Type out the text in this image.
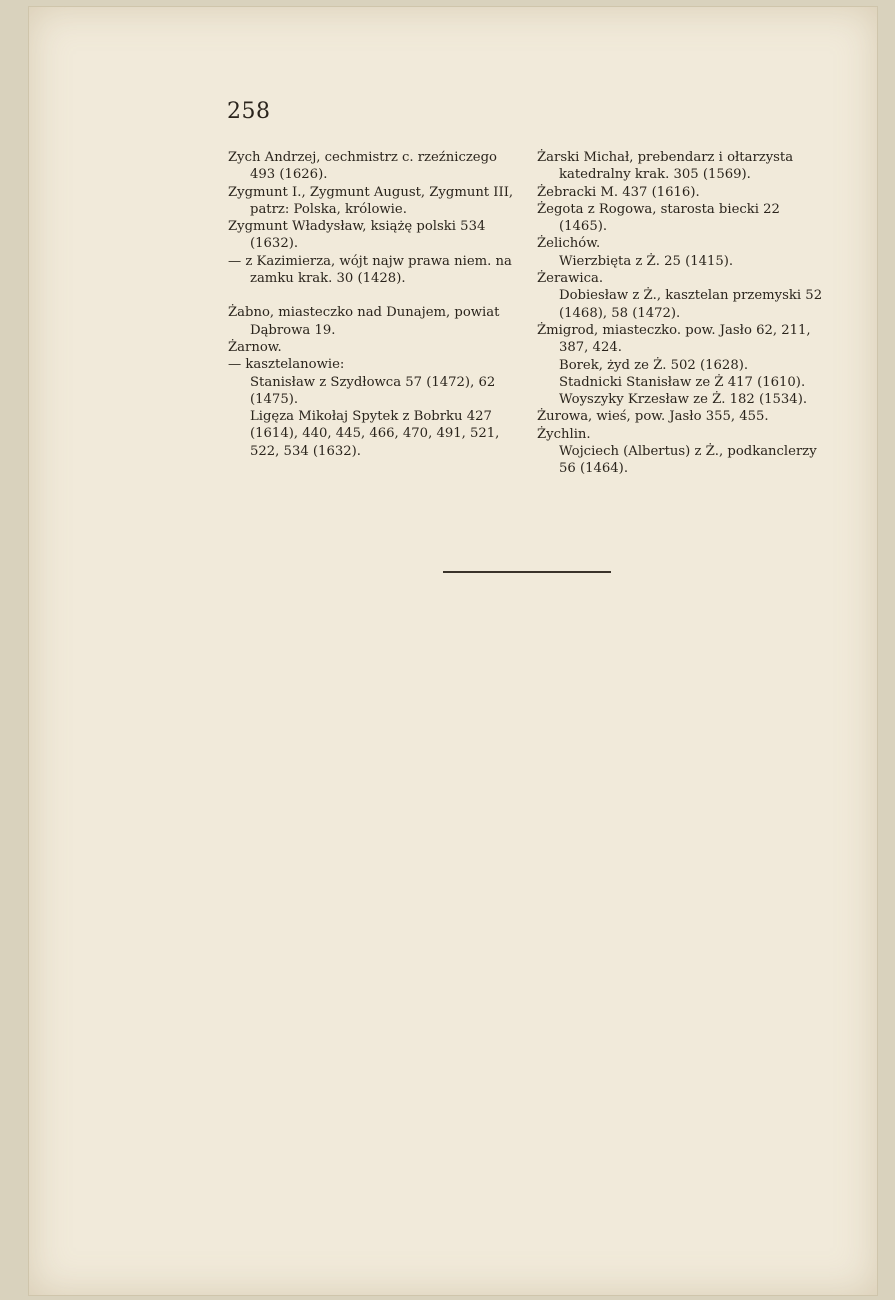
258
Zych Andrzej, cechmistrz c. rzeźniczego 493 (1626).
Zygmunt I., Zygmunt August, Zygmunt III, patrz: Polska, królowie.
Zygmunt Władysław, książę polski 534 (1632).
— z Kazimierza, wójt najw prawa niem. na zamku krak. 30 (1428).
Żabno, miasteczko nad Dunajem, powiat Dąbrowa 19.
Żarnow.
— kasztelanowie:
Stanisław z Szydłowca 57 (1472), 62 (1475).
Ligęza Mikołaj Spytek z Bobrku 427 (1614), 440, 445, 466, 470, 491, 521, 522, 534 (1632).
Żarski Michał, prebendarz i ołtarzysta katedralny krak. 305 (1569).
Żebracki M. 437 (1616).
Żegota z Rogowa, starosta biecki 22 (1465).
Żelichów.
Wierzbięta z Ż. 25 (1415).
Żerawica.
Dobiesław z Ż., kasztelan przemyski 52 (1468), 58 (1472).
Żmigrod, miasteczko. pow. Jasło 62, 211, 387, 424.
Borek, żyd ze Ż. 502 (1628).
Stadnicki Stanisław ze Ż 417 (1610).
Woyszyky Krzesław ze Ż. 182 (1534).
Żurowa, wieś, pow. Jasło 355, 455.
Żychlin.
Wojciech (Albertus) z Ż., podkanclerzy 56 (1464).
